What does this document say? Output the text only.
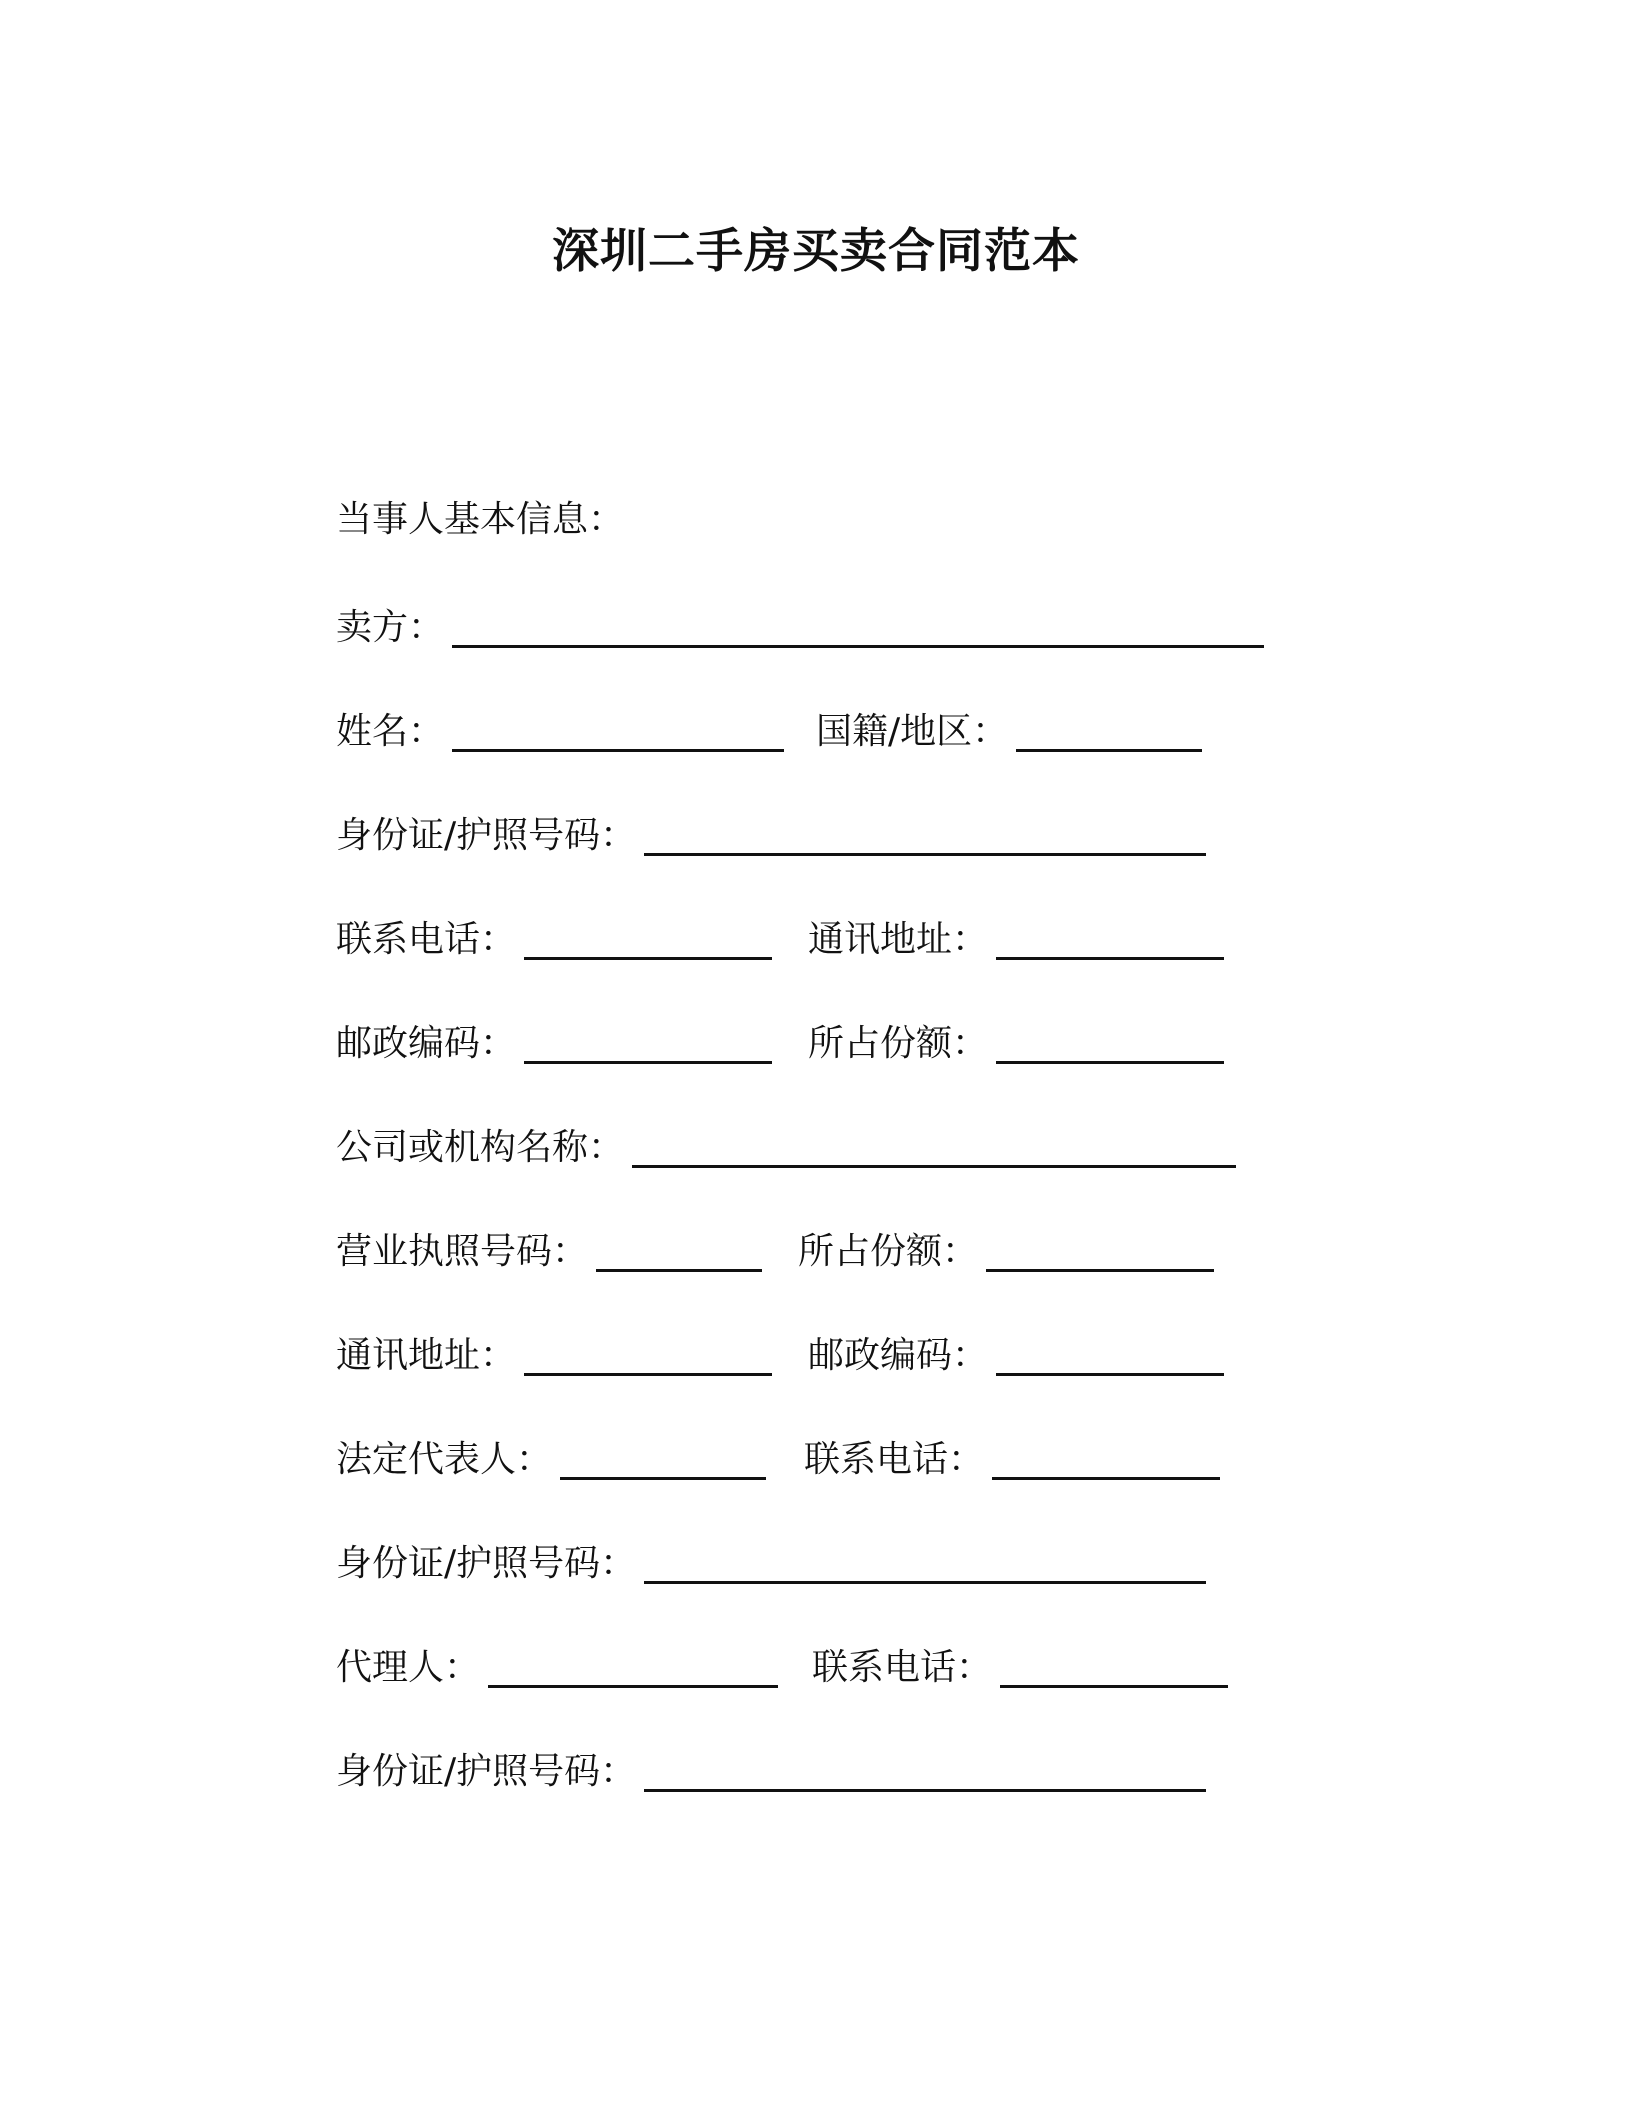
深圳二手房买卖合同范本
当事人基本信息：
卖方：
姓名：	国籍/地区：
身份证/护照号码：
联系电话：	通讯地址：
邮政编码：	所占份额：
公司或机构名称：
营业执照号码：	所占份额：
通讯地址：	邮政编码：
法定代表人：	联系电话：
身份证/护照号码：
代理人：	联系电话：
身份证/护照号码：
